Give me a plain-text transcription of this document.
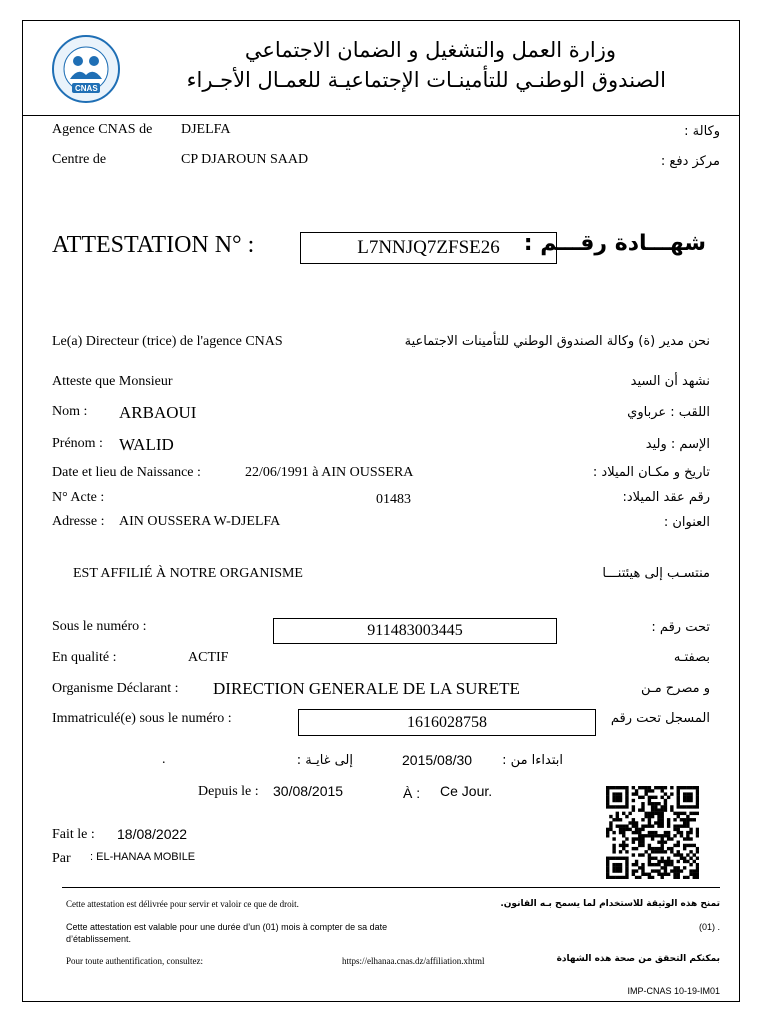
CNAS
وزارة العمل والتشغيل و الضمان الاجتماعي
الصندوق الوطنـي للتأمينـات الإجتماعيـة للعمـال الأجـراء
Agence CNAS de DJELFA	وكالة :
Centre de	CP DJAROUN SAAD	مركز دفع :
ATTESTATION N° :	L7NNJQ7ZFSE26	شهـــادة رقـــم :
Le(a) Directeur (trice) de l'agence CNAS	نحن مدير (ة) وكالة الصندوق الوطني للتأمينات الاجتماعية
Atteste que Monsieur	نشهد أن السيد
Nom : ARBAOUI	اللقب : عرباوي
Prénom : WALID	الإسم : وليد
Date et lieu de Naissance :	22/06/1991 à AIN OUSSERA	تاريخ و مكـان الميلاد :
N° Acte :	01483	رقم عقد الميلاد:
Adresse : AIN OUSSERA W-DJELFA	العنوان :
EST AFFILIÉ À NOTRE ORGANISME	منتسـب إلى هيئتنـــا
Sous le numéro :	911483003445	تحت رقم :
En qualité :	ACTIF	بصفتـه
Organisme Déclarant : DIRECTION GENERALE DE LA SURETE	و مصرح مـن
Immatriculé(e) sous le numéro :	1616028758	المسجل تحت رقم
.	إلى غايـة :	2015/08/30 ابتداءا من :
Depuis le : 30/08/2015	À : Ce Jour.
Fait le : 18/08/2022
Par : EL-HANAA MOBILE
Cette attestation est délivrée pour servir et valoir ce que de droit.	تمنح هذه الوثيقة للاستخدام لما يسمح بـه القانون.
Cette attestation est valable pour une durée d’un (01) mois à compter de sa date
d’établissement.
(01) .
Pour toute authentification, consultez:	https://elhanaa.cnas.dz/affiliation.xhtml	بمكنكم التحقق من صحة هذه الشهادة
IMP-CNAS 10-19-IM01
